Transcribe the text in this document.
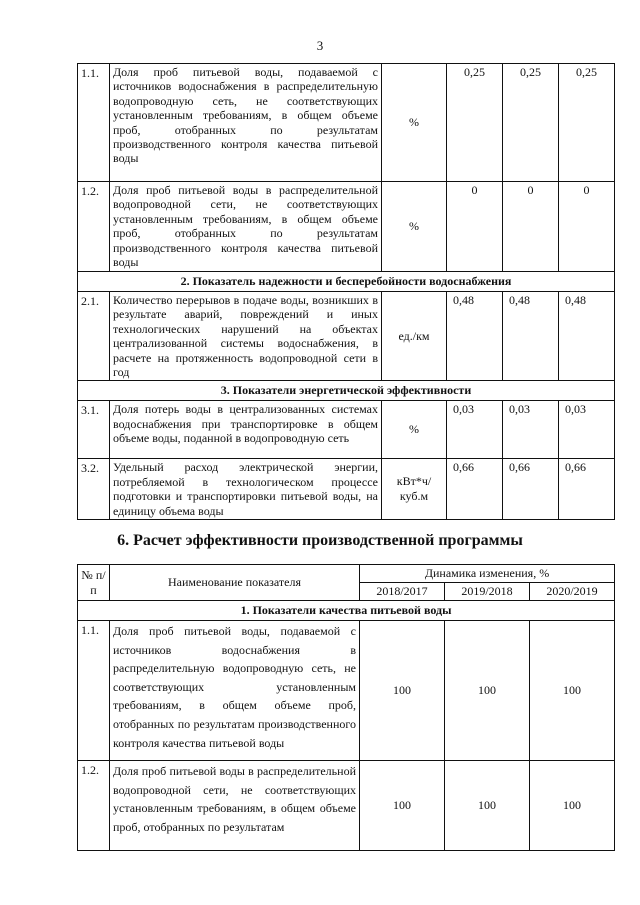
3
1.1.	Доля проб питьевой воды, подаваемой с источников водоснабжения в распределительную водопроводную сеть, не соответствующих установленным требованиям, в общем объеме проб, отобранных по результатам производственного контроля качества питьевой воды	%	0,25	0,25	0,25
1.2.	Доля проб питьевой воды в распределительной водопроводной сети, не соответствующих установленным требованиям, в общем объеме проб, отобранных по результатам производственного контроля качества питьевой воды	%	0	0	0
2. Показатель надежности и бесперебойности водоснабжения					
2.1.	Количество перерывов в подаче воды, возникших в результате аварий, повреждений и иных технологических нарушений на объектах централизованной системы водоснабжения, в расчете на протяженность водопроводной сети в год	ед./км	0,48	0,48	0,48
3. Показатели энергетической эффективности					
3.1.	Доля потерь воды в централизованных системах водоснабжения при транспортировке в общем объеме воды, поданной в водопроводную сеть	%	0,03	0,03	0,03
3.2.	Удельный расход электрической энергии, потребляемой в технологическом процессе подготовки и транспортировки питьевой воды, на единицу объема воды	кВт*ч/ куб.м	0,66	0,66	0,66
6. Расчет эффективности производственной программы
№ п/п	Наименование показателя	Динамика изменения, %		
		2018/2017	2019/2018	2020/2019
1. Показатели качества питьевой воды				
1.1.	Доля проб питьевой воды, подаваемой с источников водоснабжения в распределительную водопроводную сеть, не соответствующих установленным требованиям, в общем объеме проб, отобранных по результатам производственного контроля качества питьевой воды	100	100	100
1.2.	Доля проб питьевой воды в распределительной водопроводной сети, не соответствующих установленным требованиям, в общем объеме проб, отобранных по результатам	100	100	100
